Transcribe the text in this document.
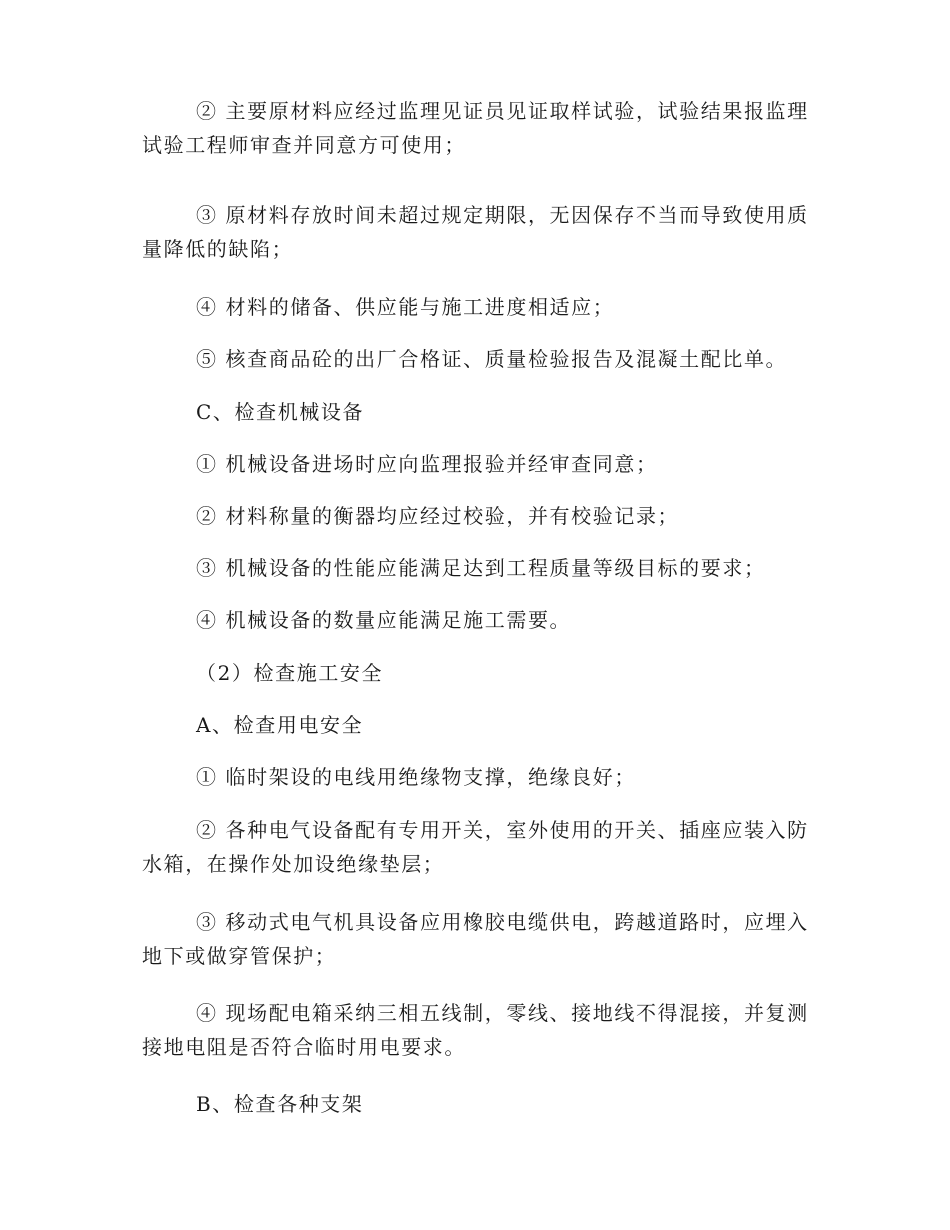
② 主要原材料应经过监理见证员见证取样试验，试验结果报监理试验工程师审查并同意方可使用；

③ 原材料存放时间未超过规定期限，无因保存不当而导致使用质量降低的缺陷；

④ 材料的储备、供应能与施工进度相适应；

⑤ 核查商品砼的出厂合格证、质量检验报告及混凝土配比单。

C、检查机械设备

① 机械设备进场时应向监理报验并经审查同意；

② 材料称量的衡器均应经过校验，并有校验记录；

③ 机械设备的性能应能满足达到工程质量等级目标的要求；

④ 机械设备的数量应能满足施工需要。

（2）检查施工安全

A、检查用电安全

① 临时架设的电线用绝缘物支撑，绝缘良好；

② 各种电气设备配有专用开关，室外使用的开关、插座应装入防水箱，在操作处加设绝缘垫层；

③ 移动式电气机具设备应用橡胶电缆供电，跨越道路时，应埋入地下或做穿管保护；

④ 现场配电箱采纳三相五线制，零线、接地线不得混接，并复测接地电阻是否符合临时用电要求。

B、检查各种支架
